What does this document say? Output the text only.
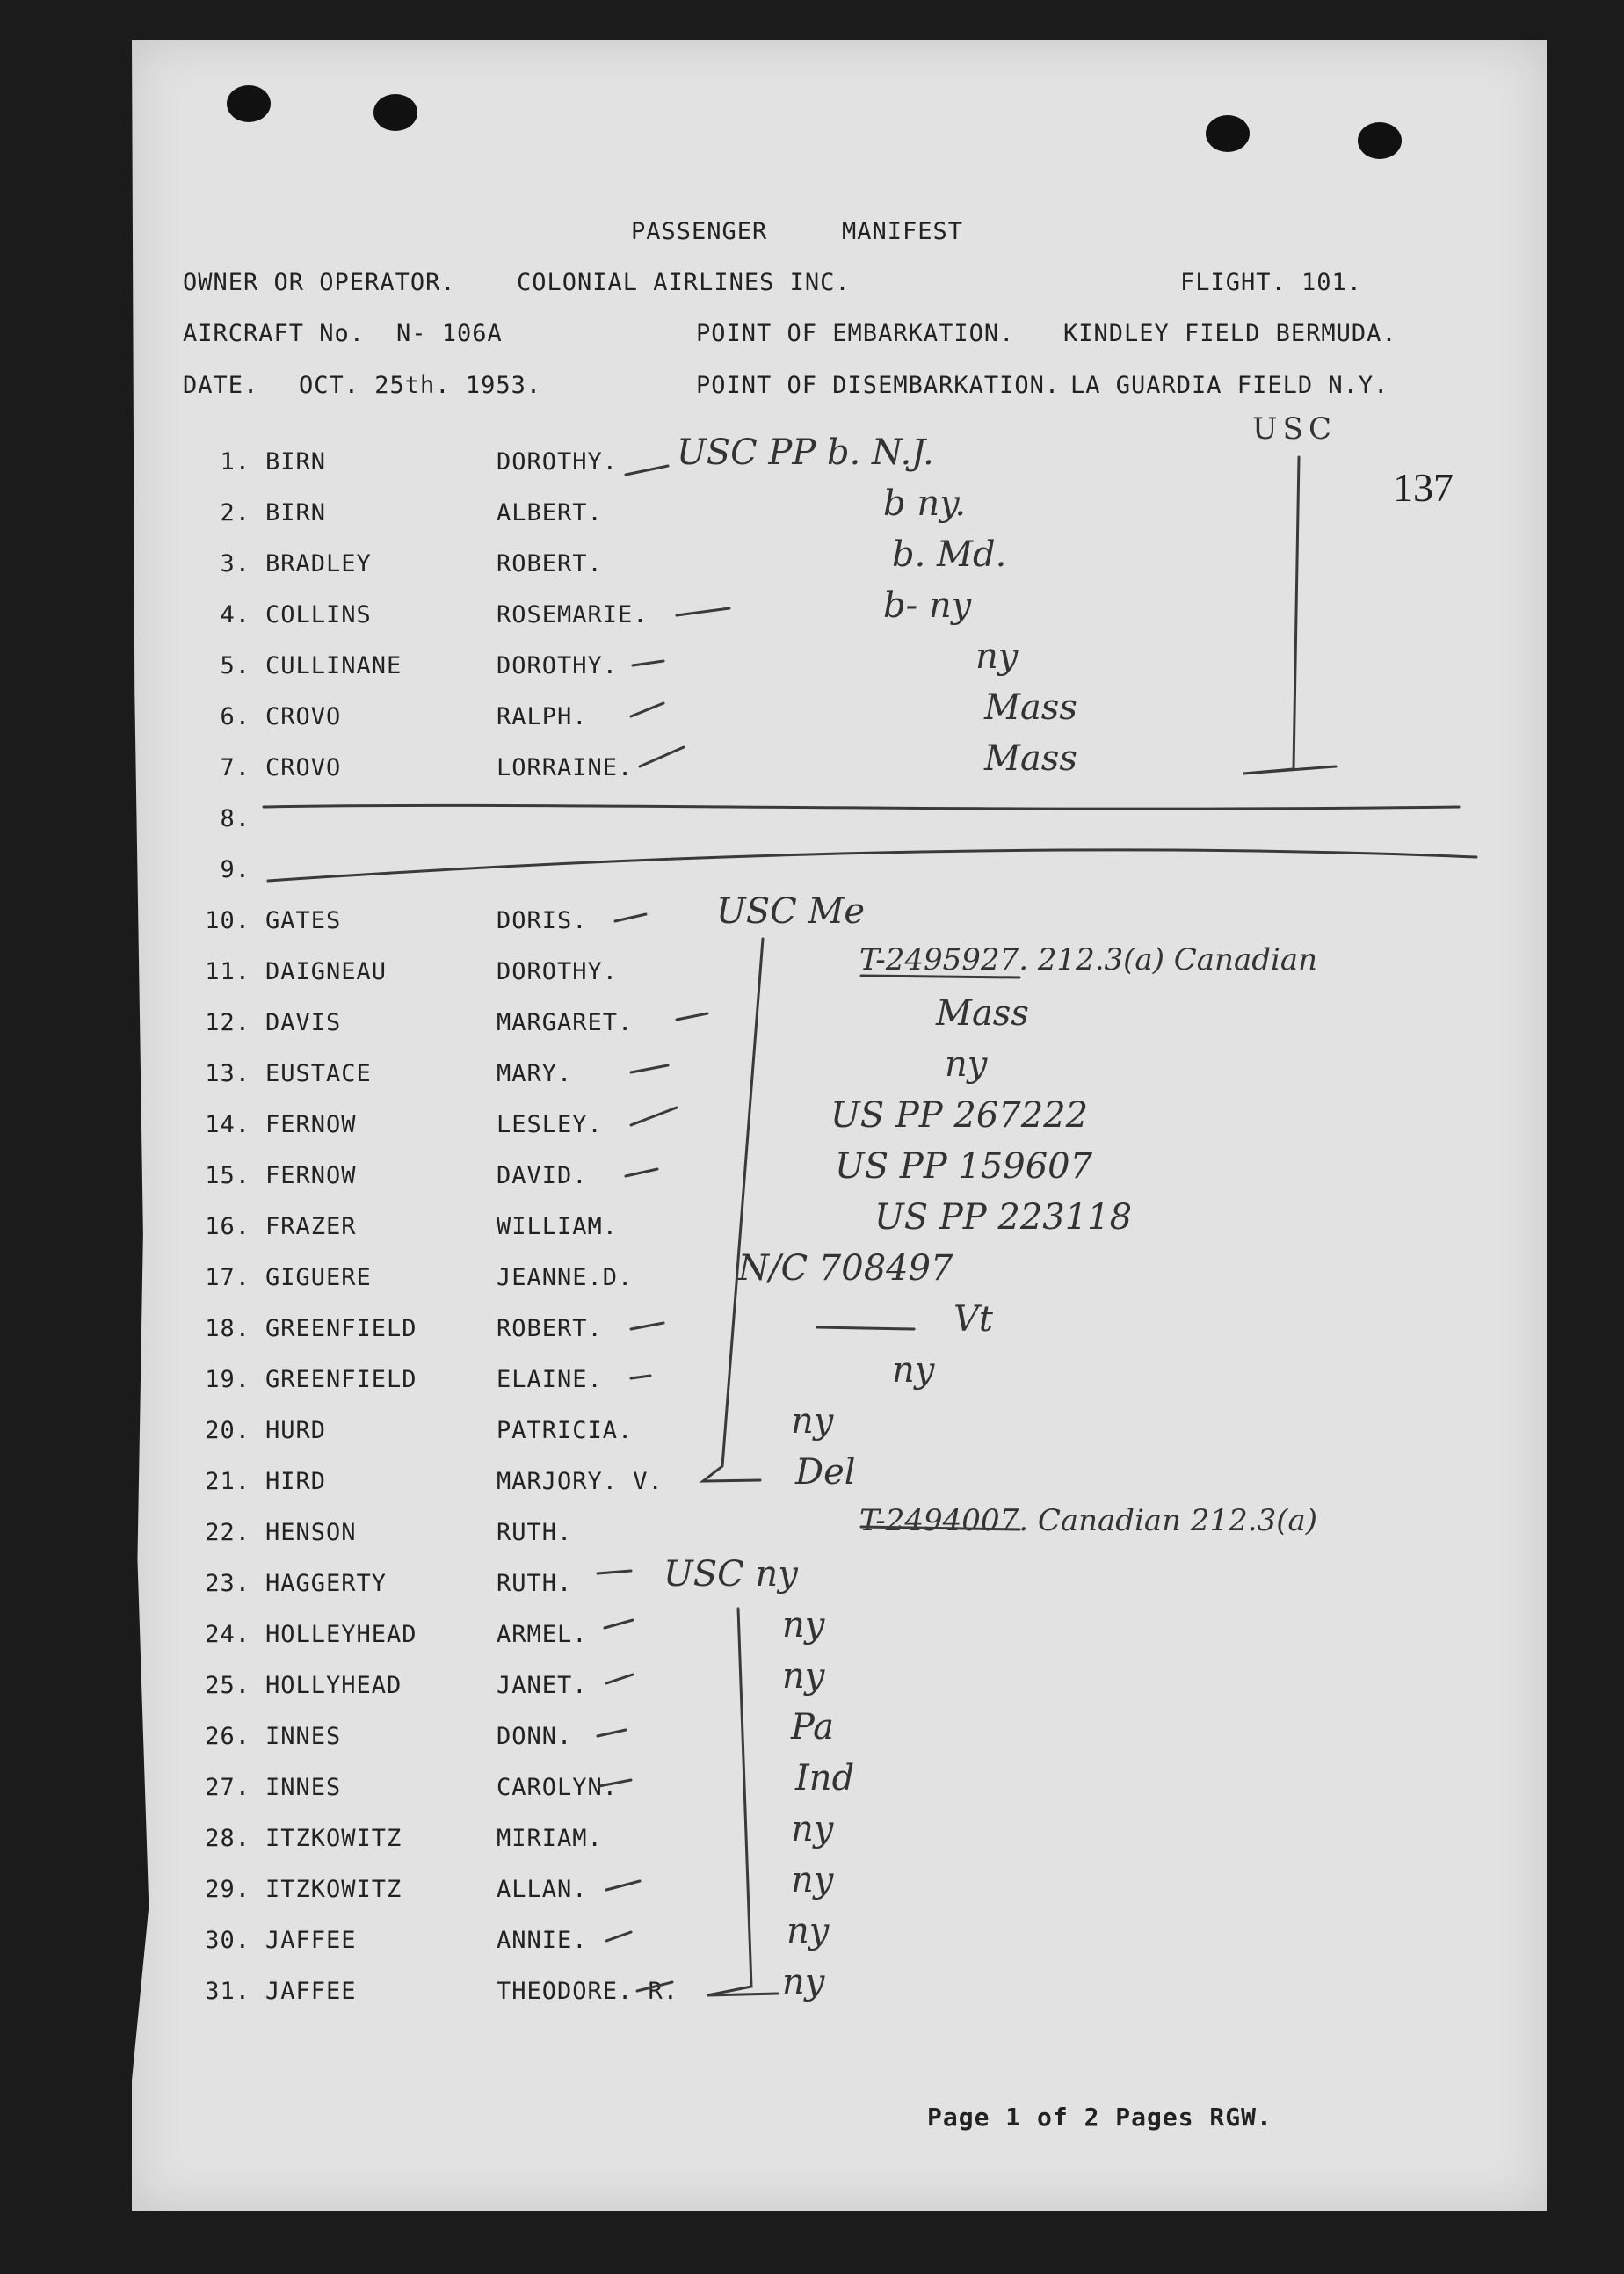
PASSENGER	MANIFEST
OWNER OR OPERATOR.	COLONIAL AIRLINES INC.	FLIGHT. 101.
AIRCRAFT No. N- 106A	POINT OF EMBARKATION. KINDLEY FIELD BERMUDA.
DATE. OCT. 25th. 1953.	POINT OF DISEMBARKATION. LA GUARDIA FIELD N.Y.
137
1. BIRN	DOROTHY. USC PP b. N.J.
2. BIRN	ALBERT.	b ny.
3. BRADLEY	ROBERT.	b. Md.
4. COLLINS	ROSEMARIE.	b- ny
5. CULLINANE	DOROTHY.	ny
6. CROVO	RALPH.	Mass
7. CROVO	LORRAINE.	Mass
8.
9.
10. GATES	DORIS.	USC Me
11. DAIGNEAU	DOROTHY.	T-2495927. 212.3(a) Canadian
12. DAVIS	MARGARET.	Mass
13. EUSTACE	MARY.	ny
14. FERNOW	LESLEY.	US PP 267222
15. FERNOW	DAVID.	US PP 159607
16. FRAZER	WILLIAM.	US PP 223118
17. GIGUERE	JEANNE.D.	N/C 708497
18. GREENFIELD	ROBERT.	Vt
19. GREENFIELD	ELAINE.	ny
20. HURD	PATRICIA.	ny
21. HIRD	MARJORY. V.	Del
22. HENSON	RUTH.	T-2494007. Canadian 212.3(a)
23. HAGGERTY	RUTH.	USC ny
24. HOLLEYHEAD	ARMEL.	ny
25. HOLLYHEAD	JANET.	ny
26. INNES	DONN.	Pa
27. INNES	CAROLYN.	Ind
28. ITZKOWITZ	MIRIAM.	ny
29. ITZKOWITZ	ALLAN.	ny
30. JAFFEE	ANNIE.	ny
31. JAFFEE	THEODORE. R.	ny
USC
Page 1 of 2 Pages RGW.
